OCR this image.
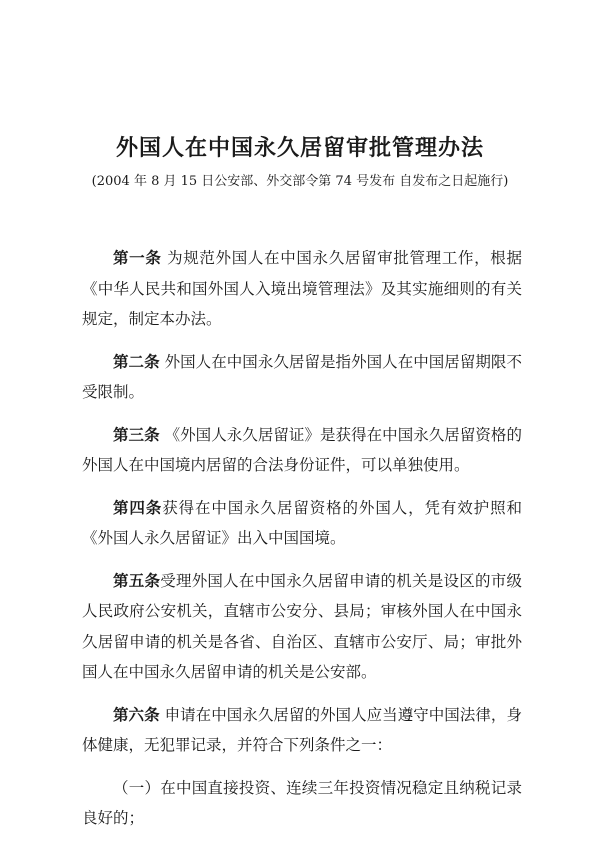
外国人在中国永久居留审批管理办法
(2004 年 8 月 15 日公安部、外交部令第 74 号发布 自发布之日起施行)

第一条 为规范外国人在中国永久居留审批管理工作，根据《中华人民共和国外国人入境出境管理法》及其实施细则的有关规定，制定本办法。

第二条 外国人在中国永久居留是指外国人在中国居留期限不受限制。

第三条 《外国人永久居留证》是获得在中国永久居留资格的外国人在中国境内居留的合法身份证件，可以单独使用。

第四条获得在中国永久居留资格的外国人，凭有效护照和《外国人永久居留证》出入中国国境。

第五条受理外国人在中国永久居留申请的机关是设区的市级人民政府公安机关，直辖市公安分、县局；审核外国人在中国永久居留申请的机关是各省、自治区、直辖市公安厅、局；审批外国人在中国永久居留申请的机关是公安部。

第六条 申请在中国永久居留的外国人应当遵守中国法律，身体健康，无犯罪记录，并符合下列条件之一：

（一）在中国直接投资、连续三年投资情况稳定且纳税记录良好的；
